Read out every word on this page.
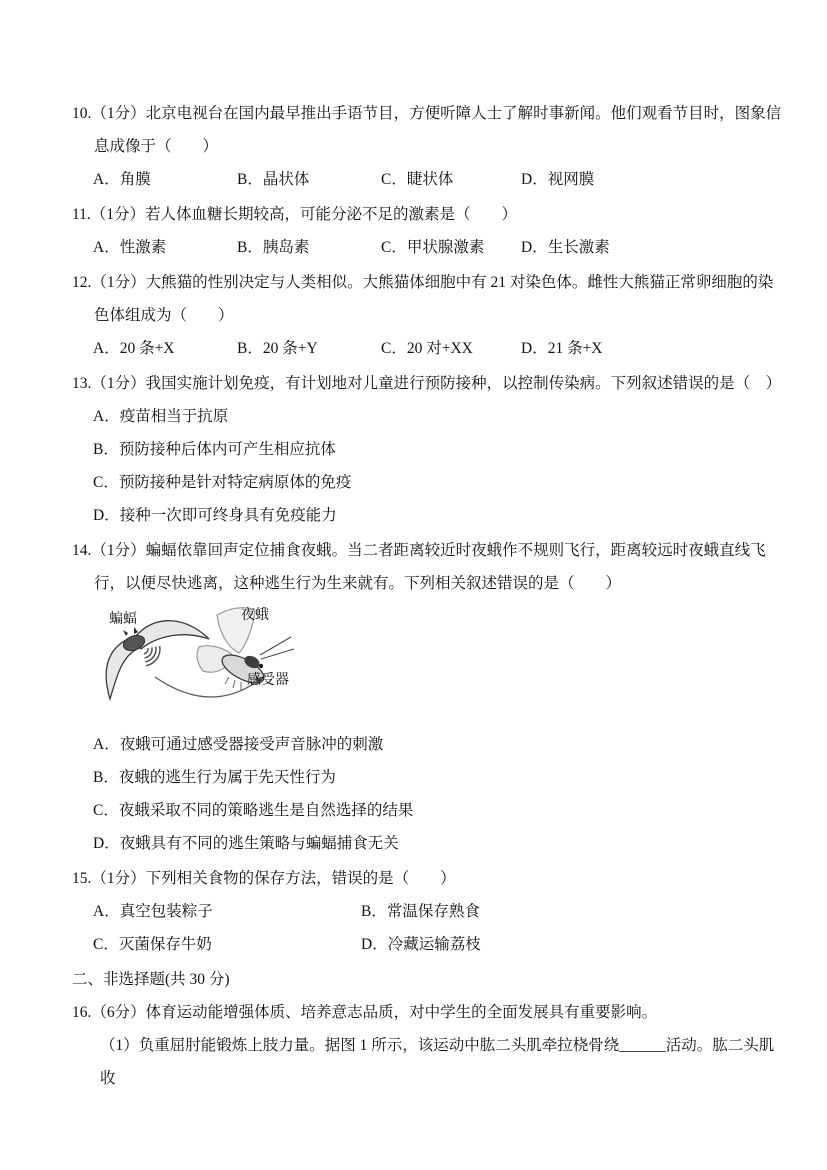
10.（1分）北京电视台在国内最早推出手语节目，方便听障人士了解时事新闻。他们观看节目时，图象信息成像于（　　）

A．角膜	B．晶状体	C．睫状体	D．视网膜

11.（1分）若人体血糖长期较高，可能分泌不足的激素是（　　）

A．性激素	B．胰岛素	C．甲状腺激素	D．生长激素

12.（1分）大熊猫的性别决定与人类相似。大熊猫体细胞中有 21 对染色体。雌性大熊猫正常卵细胞的染色体组成为（　　）

A．20 条+X	B．20 条+Y	C．20 对+XX	D．21 条+X

13.（1分）我国实施计划免疫，有计划地对儿童进行预防接种，以控制传染病。下列叙述错误的是（　）

A．疫苗相当于抗原
B．预防接种后体内可产生相应抗体
C．预防接种是针对特定病原体的免疫
D．接种一次即可终身具有免疫能力

14.（1分）蝙蝠依靠回声定位捕食夜蛾。当二者距离较近时夜蛾作不规则飞行，距离较远时夜蛾直线飞行，以便尽快逃离，这种逃生行为生来就有。下列相关叙述错误的是（　　）

蝙蝠	夜蛾
感受器
A．夜蛾可通过感受器接受声音脉冲的刺激
B．夜蛾的逃生行为属于先天性行为
C．夜蛾采取不同的策略逃生是自然选择的结果
D．夜蛾具有不同的逃生策略与蝙蝠捕食无关

15.（1分）下列相关食物的保存方法，错误的是（　　）

A．真空包装粽子	B．常温保存熟食
C．灭菌保存牛奶	D．冷藏运输荔枝

二、非选择题(共 30 分)

16.（6分）体育运动能增强体质、培养意志品质，对中学生的全面发展具有重要影响。

（1）负重屈肘能锻炼上肢力量。据图 1 所示，该运动中肱二头肌牵拉桡骨绕______活动。肱二头肌收
